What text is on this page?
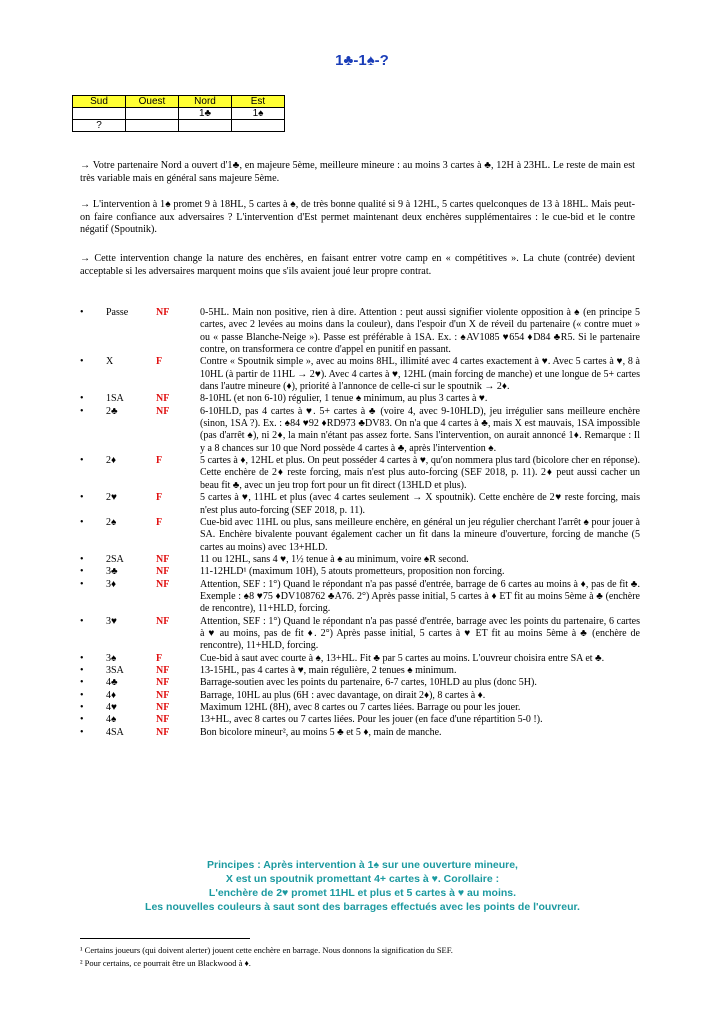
1♣-1♠-?
Sud	Ouest	Nord	Est
		1♣	1♠
?			
→ Votre partenaire Nord a ouvert d'1♣, en majeure 5ème, meilleure mineure : au moins 3 cartes à ♣, 12H à 23HL. Le reste de main est très variable mais en général sans majeure 5ème.
→ L'intervention à 1♠ promet 9 à 18HL, 5 cartes à ♠, de très bonne qualité si 9 à 12HL, 5 cartes quelconques de 13 à 18HL. Mais peut-on faire confiance aux adversaires ? L'intervention d'Est permet maintenant deux enchères supplémentaires : le cue-bid et le contre négatif (Spoutnik).
→ Cette intervention change la nature des enchères, en faisant entrer votre camp en « compétitives ». La chute (contrée) devient acceptable si les adversaires marquent moins que s'ils avaient joué leur propre contrat.
•	Passe	NF	0-5HL. Main non positive, rien à dire. Attention : peut aussi signifier violente opposition à ♠ (en principe 5 cartes, avec 2 levées au moins dans la couleur), dans l'espoir d'un X de réveil du partenaire (« contre muet » ou « passe Blanche-Neige »). Passe est préférable à 1SA. Ex. : ♠AV1085 ♥654 ♦D84 ♣R5. Si le partenaire contre, on transformera ce contre d'appel en punitif en passant.
•	X	F	Contre « Spoutnik simple », avec au moins 8HL, illimité avec 4 cartes exactement à ♥. Avec 5 cartes à ♥, 8 à 10HL (à partir de 11HL → 2♥). Avec 4 cartes à ♥, 12HL (main forcing de manche) et une longue de 5+ cartes dans l'autre mineure (♦), priorité à l'annonce de celle-ci sur le spoutnik → 2♦.
•	1SA	NF	8-10HL (et non 6-10) régulier, 1 tenue ♠ minimum, au plus 3 cartes à ♥.
•	2♣	NF	6-10HLD, pas 4 cartes à ♥. 5+ cartes à ♣ (voire 4, avec 9-10HLD), jeu irrégulier sans meilleure enchère (sinon, 1SA ?). Ex. : ♠84 ♥92 ♦RD973 ♣DV83. On n'a que 4 cartes à ♣, mais X est mauvais, 1SA impossible (pas d'arrêt ♠), ni 2♦, la main n'étant pas assez forte. Sans l'intervention, on aurait annoncé 1♦. Remarque : Il y a 8 chances sur 10 que Nord possède 4 cartes à ♣, après l'intervention ♠.
•	2♦	F	5 cartes à ♦, 12HL et plus. On peut posséder 4 cartes à ♥, qu'on nommera plus tard (bicolore cher en réponse). Cette enchère de 2♦ reste forcing, mais n'est plus auto-forcing (SEF 2018, p. 11). 2♦ peut aussi cacher un beau fit ♣, avec un jeu trop fort pour un fit direct (13HLD et plus).
•	2♥	F	5 cartes à ♥, 11HL et plus (avec 4 cartes seulement → X spoutnik). Cette enchère de 2♥ reste forcing, mais n'est plus auto-forcing (SEF 2018, p. 11).
•	2♠	F	Cue-bid avec 11HL ou plus, sans meilleure enchère, en général un jeu régulier cherchant l'arrêt ♠ pour jouer à SA. Enchère bivalente pouvant également cacher un fit dans la mineure d'ouverture, forcing de manche (5 cartes au moins) avec 13+HLD.
•	2SA	NF	11 ou 12HL, sans 4 ♥, 1½ tenue à ♠ au minimum, voire ♠R second.
•	3♣	NF	11-12HLD¹ (maximum 10H), 5 atouts prometteurs, proposition non forcing.
•	3♦	NF	Attention, SEF : 1°) Quand le répondant n'a pas passé d'entrée, barrage de 6 cartes au moins à ♦, pas de fit ♣. Exemple : ♠8 ♥75 ♦DV108762 ♣A76. 2°) Après passe initial, 5 cartes à ♦ ET fit au moins 5ème à ♣ (enchère de rencontre), 11+HLD, forcing.
•	3♥	NF	Attention, SEF : 1°) Quand le répondant n'a pas passé d'entrée, barrage avec les points du partenaire, 6 cartes à ♥ au moins, pas de fit ♦. 2°) Après passe initial, 5 cartes à ♥ ET fit au moins 5ème à ♣ (enchère de rencontre), 11+HLD, forcing.
•	3♠	F	Cue-bid à saut avec courte à ♠, 13+HL. Fit ♣ par 5 cartes au moins. L'ouvreur choisira entre SA et ♣.
•	3SA	NF	13-15HL, pas 4 cartes à ♥, main régulière, 2 tenues ♠ minimum.
•	4♣	NF	Barrage-soutien avec les points du partenaire, 6-7 cartes, 10HLD au plus (donc 5H).
•	4♦	NF	Barrage, 10HL au plus (6H : avec davantage, on dirait 2♦), 8 cartes à ♦.
•	4♥	NF	Maximum 12HL (8H), avec 8 cartes ou 7 cartes liées. Barrage ou pour les jouer.
•	4♠	NF	13+HL, avec 8 cartes ou 7 cartes liées. Pour les jouer (en face d'une répartition 5-0 !).
•	4SA	NF	Bon bicolore mineur², au moins 5 ♣ et 5 ♦, main de manche.
Principes : Après intervention à 1♠ sur une ouverture mineure,
X est un spoutnik promettant 4+ cartes à ♥. Corollaire :
L'enchère de 2♥ promet 11HL et plus et 5 cartes à ♥ au moins.
Les nouvelles couleurs à saut sont des barrages effectués avec les points de l'ouvreur.
¹ Certains joueurs (qui doivent alerter) jouent cette enchère en barrage. Nous donnons la signification du SEF.
² Pour certains, ce pourrait être un Blackwood à ♦.
